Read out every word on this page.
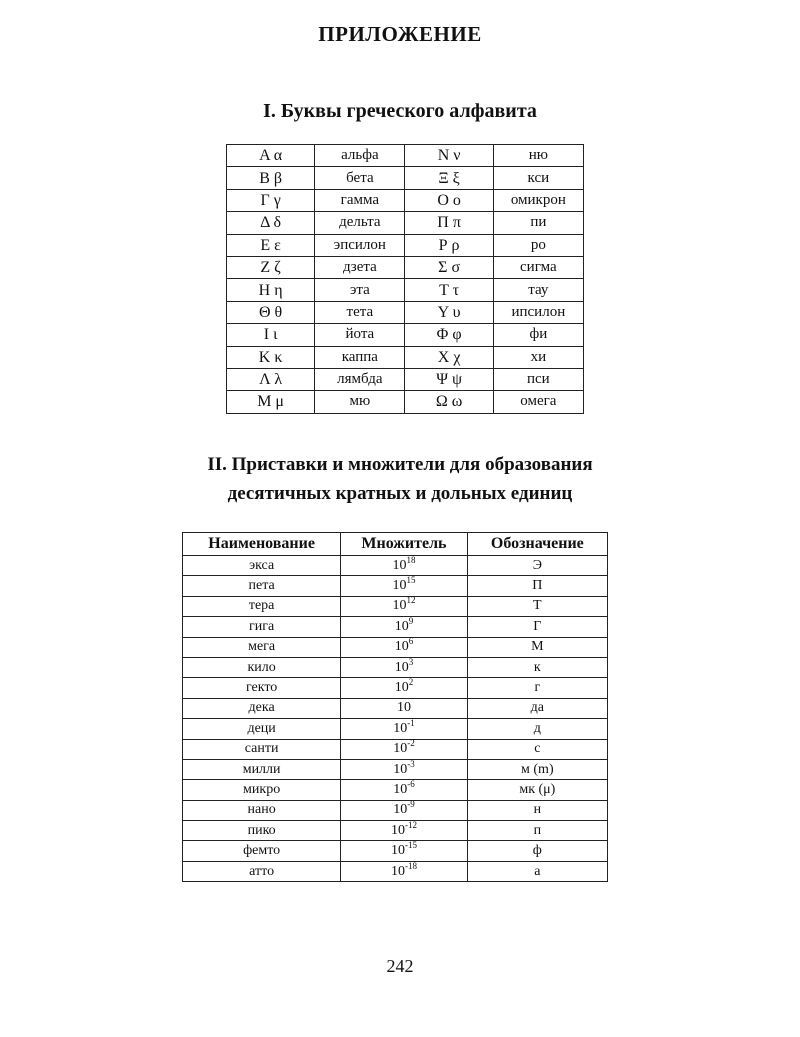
ПРИЛОЖЕНИЕ
I. Буквы греческого алфавита
Α α	альфа	Ν ν	ню
Β β	бета	Ξ ξ	кси
Γ γ	гамма	Ο ο	омикрон
Δ δ	дельта	Π π	пи
Ε ε	эпсилон	Ρ ρ	ро
Ζ ζ	дзета	Σ σ	сигма
Η η	эта	Τ τ	тау
Θ θ	тета	Υ υ	ипсилон
Ι ι	йота	Φ φ	фи
Κ κ	каппа	Χ χ	хи
Λ λ	лямбда	Ψ ψ	пси
Μ μ	мю	Ω ω	омега
II. Приставки и множители для образования
десятичных кратных и дольных единиц
Наименование	Множитель	Обозначение
экса	$10^{18}$	Э
пета	$10^{15}$	П
тера	$10^{12}$	Т
гига	$10^9$	Г
мега	$10^6$	М
кило	$10^3$	к
гекто	$10^2$	г
дека	10	да
деци	$10^{-1}$	д
санти	$10^{-2}$	с
милли	$10^{-3}$	м (m)
микро	$10^{-6}$	мк (μ)
нано	$10^{-9}$	н
пико	$10^{-12}$	п
фемто	$10^{-15}$	ф
атто	$10^{-18}$	а
242
